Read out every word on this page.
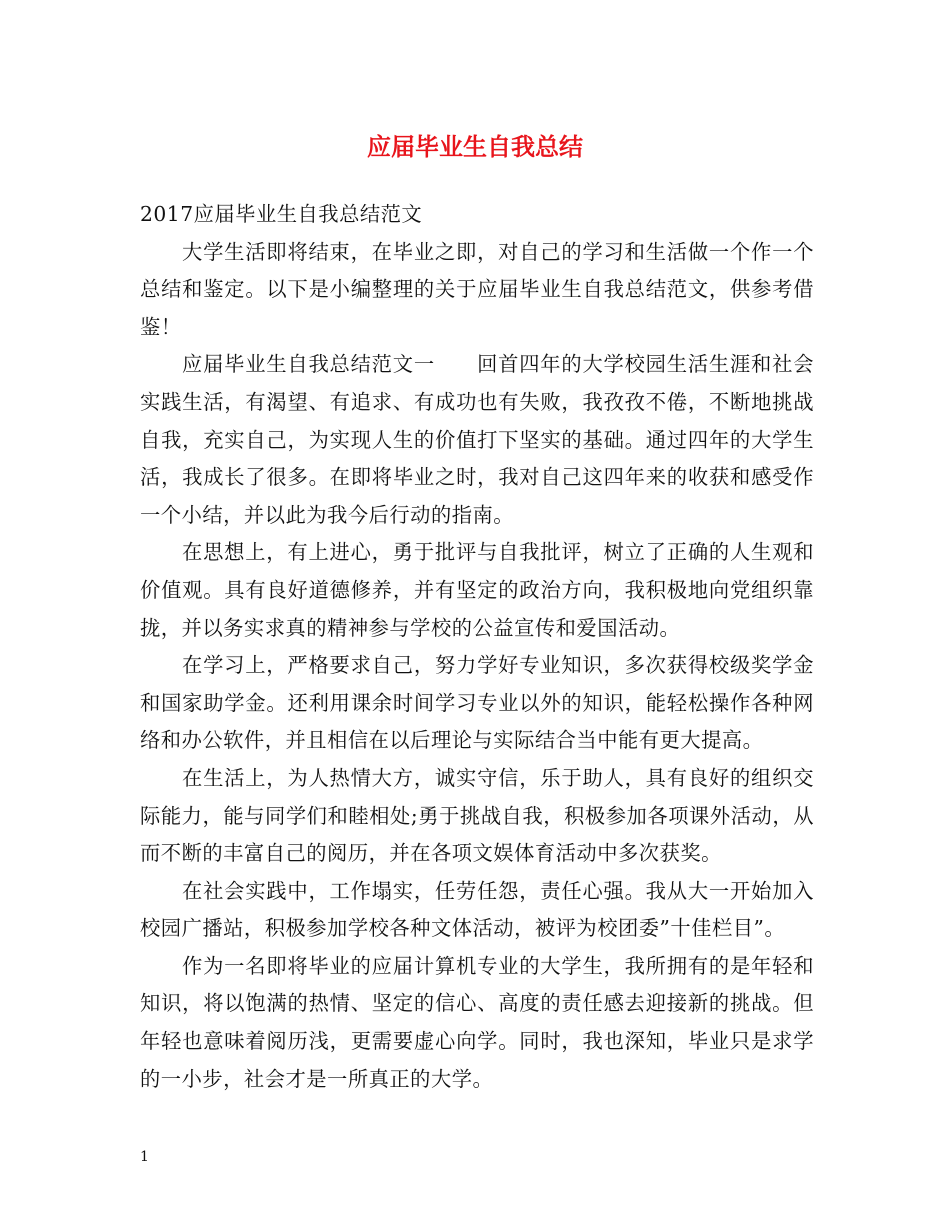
应届毕业生自我总结

2017应届毕业生自我总结范文

大学生活即将结束，在毕业之即，对自己的学习和生活做一个作一个总结和鉴定。以下是小编整理的关于应届毕业生自我总结范文，供参考借鉴！

应届毕业生自我总结范文一　　回首四年的大学校园生活生涯和社会实践生活，有渴望、有追求、有成功也有失败，我孜孜不倦，不断地挑战自我，充实自己，为实现人生的价值打下坚实的基础。通过四年的大学生活，我成长了很多。在即将毕业之时，我对自己这四年来的收获和感受作一个小结，并以此为我今后行动的指南。

在思想上，有上进心，勇于批评与自我批评，树立了正确的人生观和价值观。具有良好道德修养，并有坚定的政治方向，我积极地向党组织靠拢，并以务实求真的精神参与学校的公益宣传和爱国活动。

在学习上，严格要求自己，努力学好专业知识，多次获得校级奖学金和国家助学金。还利用课余时间学习专业以外的知识，能轻松操作各种网络和办公软件，并且相信在以后理论与实际结合当中能有更大提高。

在生活上，为人热情大方，诚实守信，乐于助人，具有良好的组织交际能力，能与同学们和睦相处;勇于挑战自我，积极参加各项课外活动，从而不断的丰富自己的阅历，并在各项文娱体育活动中多次获奖。

在社会实践中，工作塌实，任劳任怨，责任心强。我从大一开始加入校园广播站，积极参加学校各种文体活动，被评为校团委”十佳栏目”。

作为一名即将毕业的应届计算机专业的大学生，我所拥有的是年轻和知识，将以饱满的热情、坚定的信心、高度的责任感去迎接新的挑战。但年轻也意味着阅历浅，更需要虚心向学。同时，我也深知，毕业只是求学的一小步，社会才是一所真正的大学。

1
